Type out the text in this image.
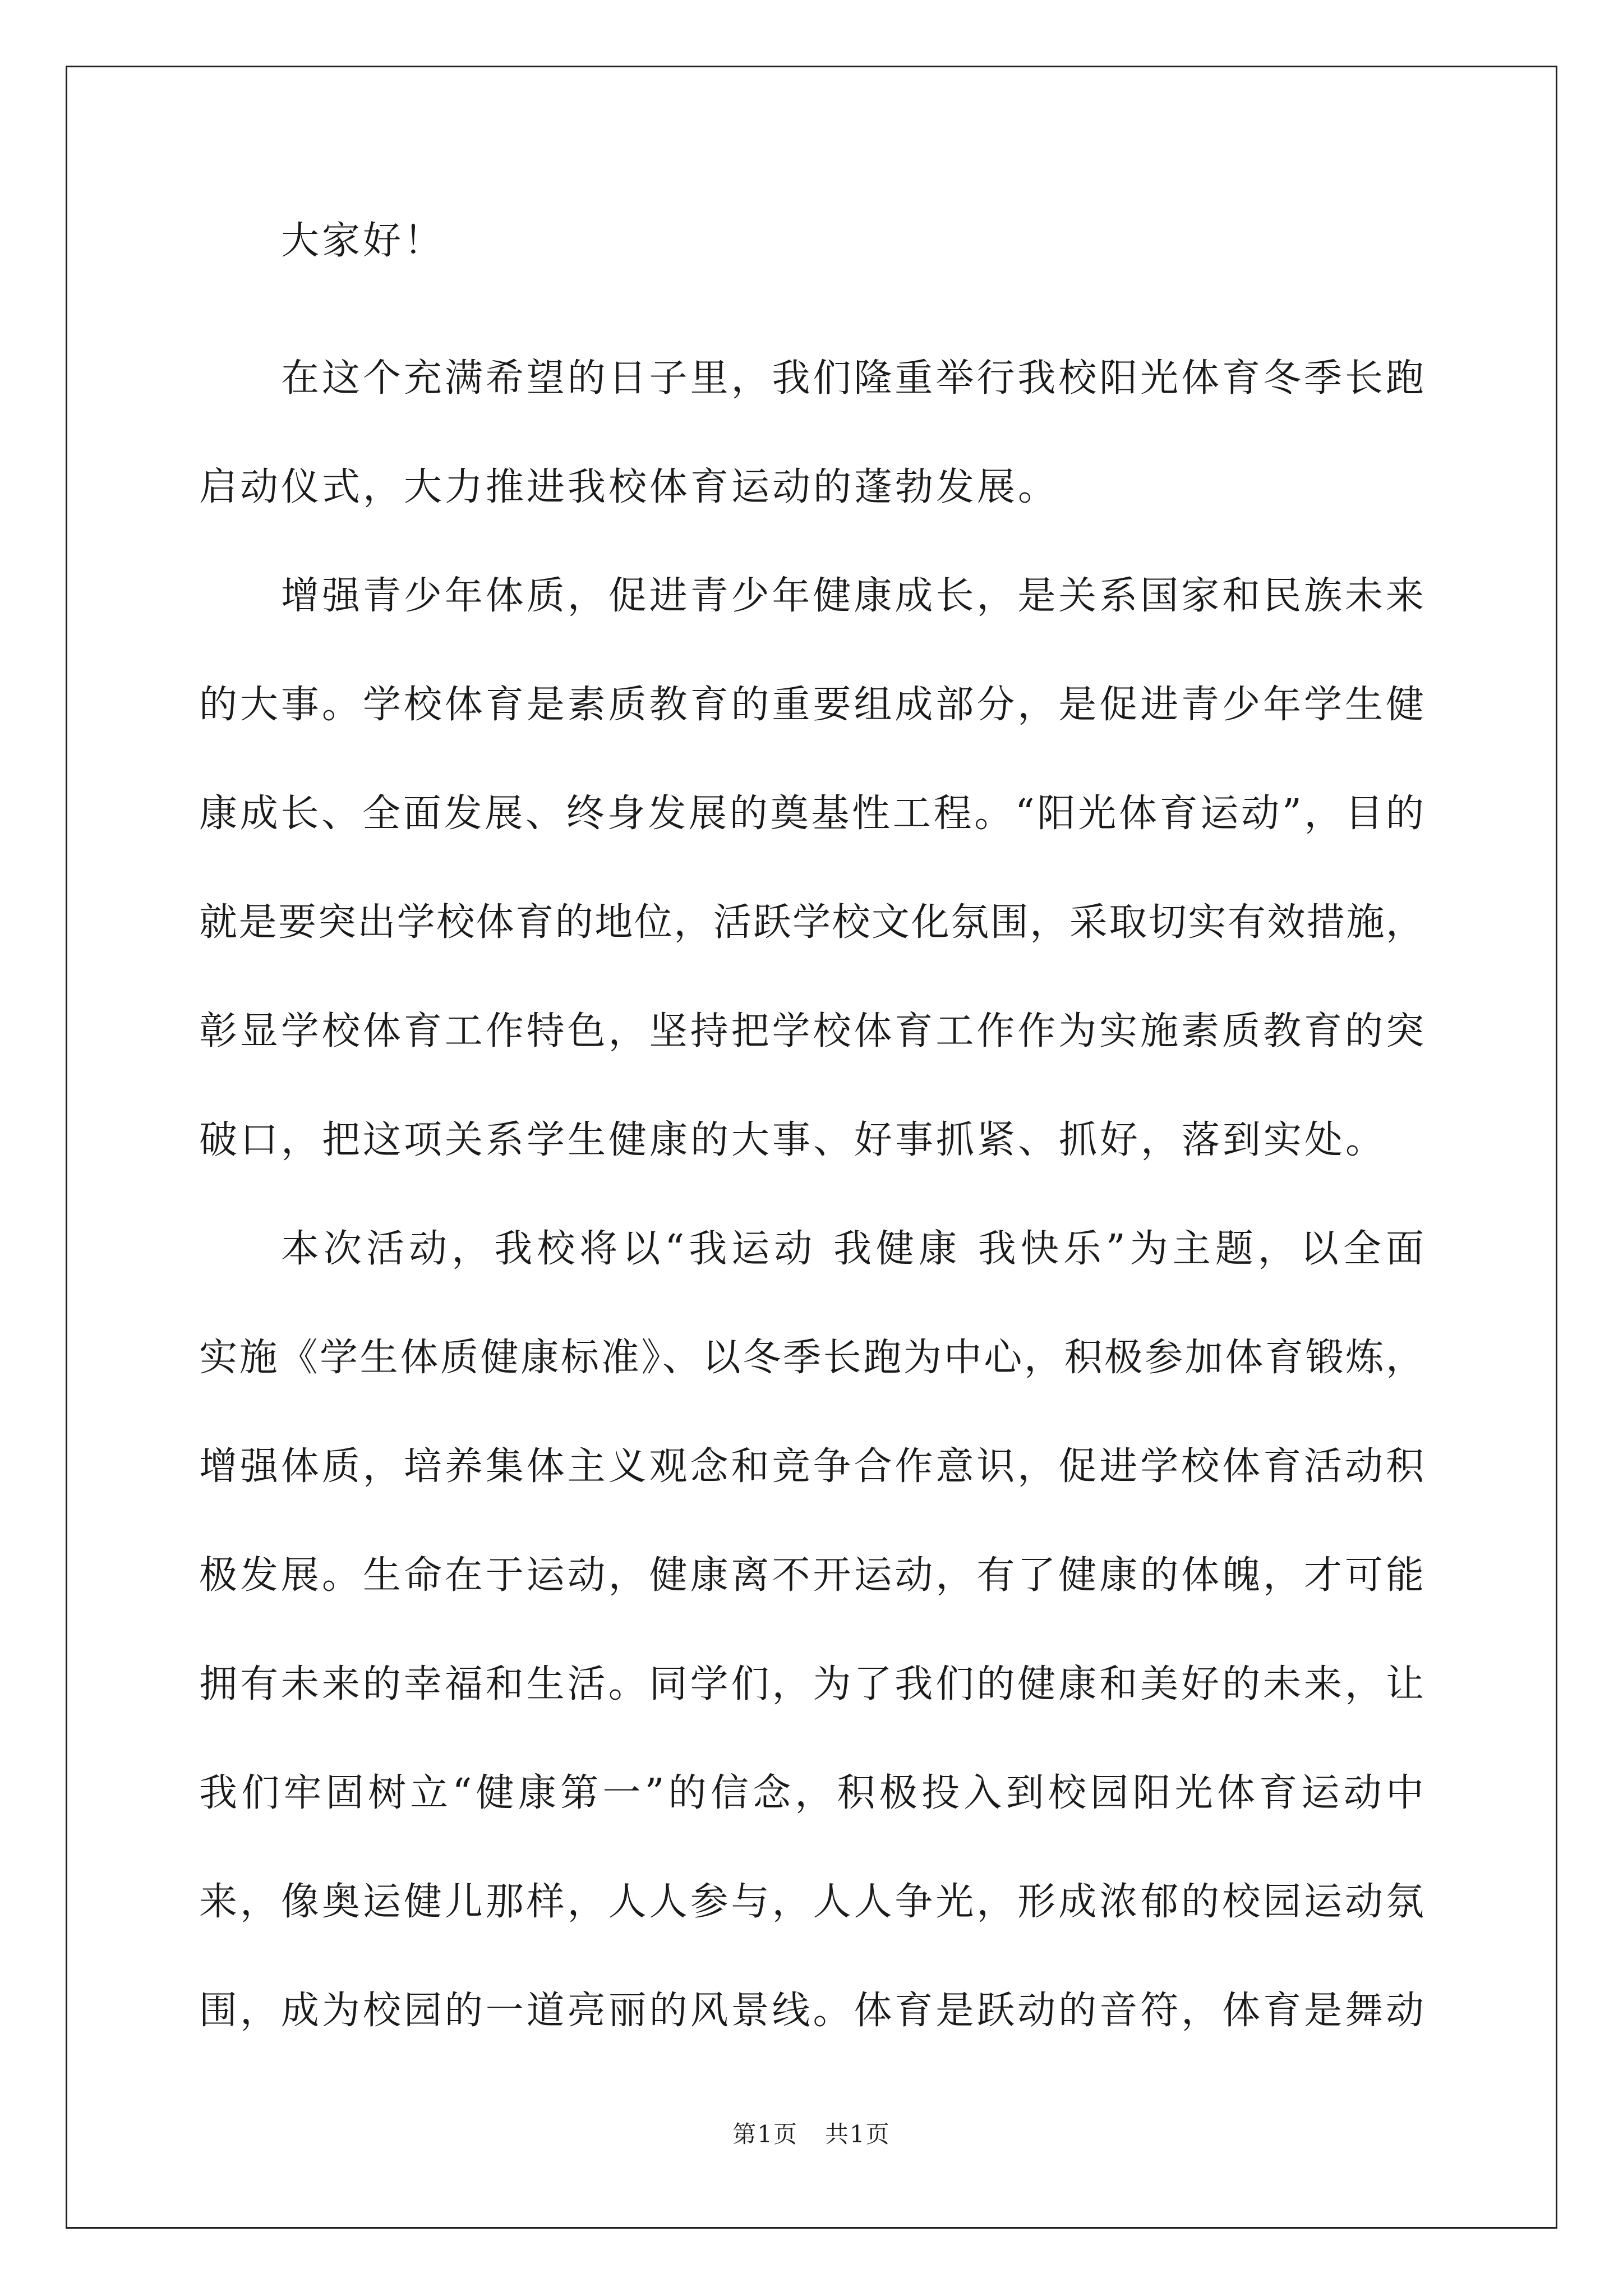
大家好！
在这个充满希望的日子里，我们隆重举行我校阳光体育冬季长跑
启动仪式，大力推进我校体育运动的蓬勃发展。
增强青少年体质，促进青少年健康成长，是关系国家和民族未来
的大事。学校体育是素质教育的重要组成部分，是促进青少年学生健
康成长、全面发展、终身发展的奠基性工程。“阳光体育运动”，目的
就是要突出学校体育的地位，活跃学校文化氛围，采取切实有效措施，
彰显学校体育工作特色，坚持把学校体育工作作为实施素质教育的突
破口，把这项关系学生健康的大事、好事抓紧、抓好，落到实处。
本次活动，我校将以“我运动 我健康 我快乐”为主题，以全面
实施《学生体质健康标准》、以冬季长跑为中心，积极参加体育锻炼，
增强体质，培养集体主义观念和竞争合作意识，促进学校体育活动积
极发展。生命在于运动，健康离不开运动，有了健康的体魄，才可能
拥有未来的幸福和生活。同学们，为了我们的健康和美好的未来，让
我们牢固树立“健康第一”的信念，积极投入到校园阳光体育运动中
来，像奥运健儿那样，人人参与，人人争光，形成浓郁的校园运动氛
围，成为校园的一道亮丽的风景线。体育是跃动的音符，体育是舞动
第1页 共1页
